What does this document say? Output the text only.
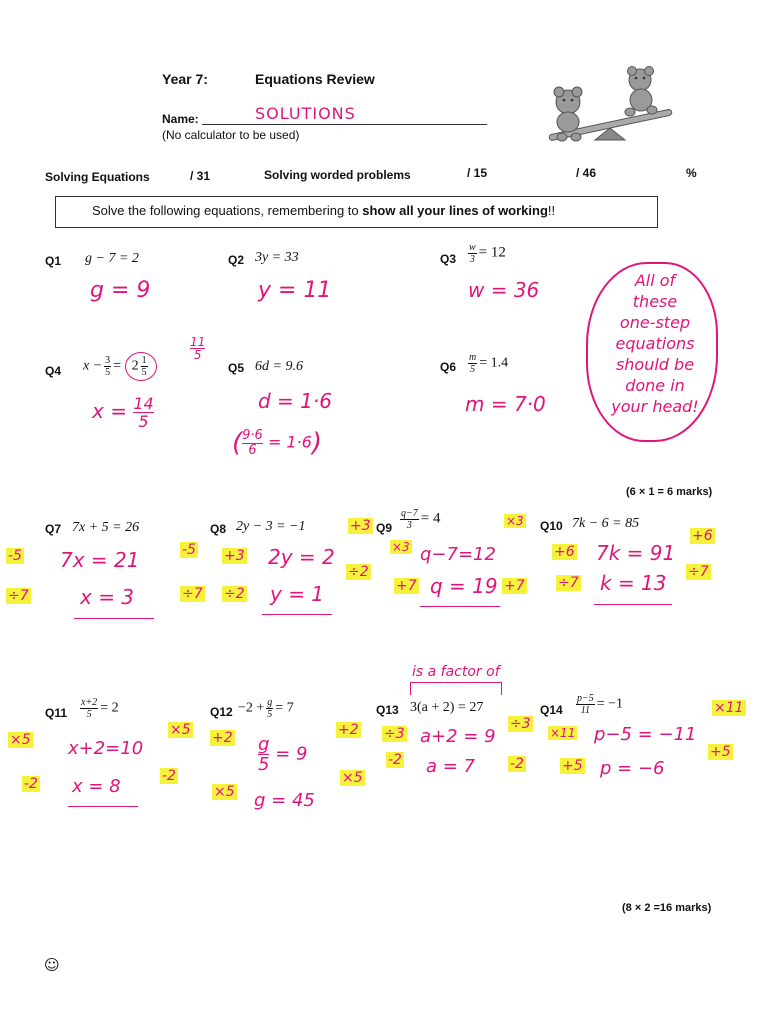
Year 7:	Equations Review
Name:	SOLUTIONS
(No calculator to be used)
Solving Equations	/ 31	Solving worded problems	/ 15	/ 46	%
Solve the following equations, remembering to show all your lines of working!!
Q1 g − 7 = 2
g = 9
Q2 3y = 33
y = 11
$Q3 \frac{w}{3} = 12$
w = 36
Q4 $x - \frac{3}{5} = 2 \frac{1}{5}$
11
5
$x = \frac{14}{5}$
Q5 6d = 9.6
d = 1·6
( $\frac{9\cdot 6}{6} = 1\cdot 6$)
$Q6 \frac{m}{5} = 1.4$
m = 7·0
All of
these
one-step
equations
should be
done in
your head!
(6 × 1 = 6 marks)
Q7 7x + 5 = 26
-5 7x = 21	-5
÷7	x = 3	÷7
Q8 2y − 3 = −1
+3 2y = 2
+3
÷2 y = 1
÷2
$Q9 \frac{q-7}{3} = 4$	×3
×3 q−7=12
+7 q = 19 +7
Q10 7k − 6 = 85
+6 7k = 91
+6
÷7 k = 13 ÷7
is a factor of
$Q11 \frac{x+2}{5} = 2$
×5 x+2=10
×5
-2 x = 8	-2
$Q12 -2 + \frac{g}{5} = 7$
$+2 \frac{g}{5} = 9$
+2
×5 g = 45
×5
Q13 3(a + 2) = 27
÷3 a+2 = 9
÷3
-2 a = 7 -2
$Q14 \frac{p-5}{11} = -1$
×11 p−5 = −11
×11
+5 p = −6
+5
(8 × 2 =16 marks)
☺
